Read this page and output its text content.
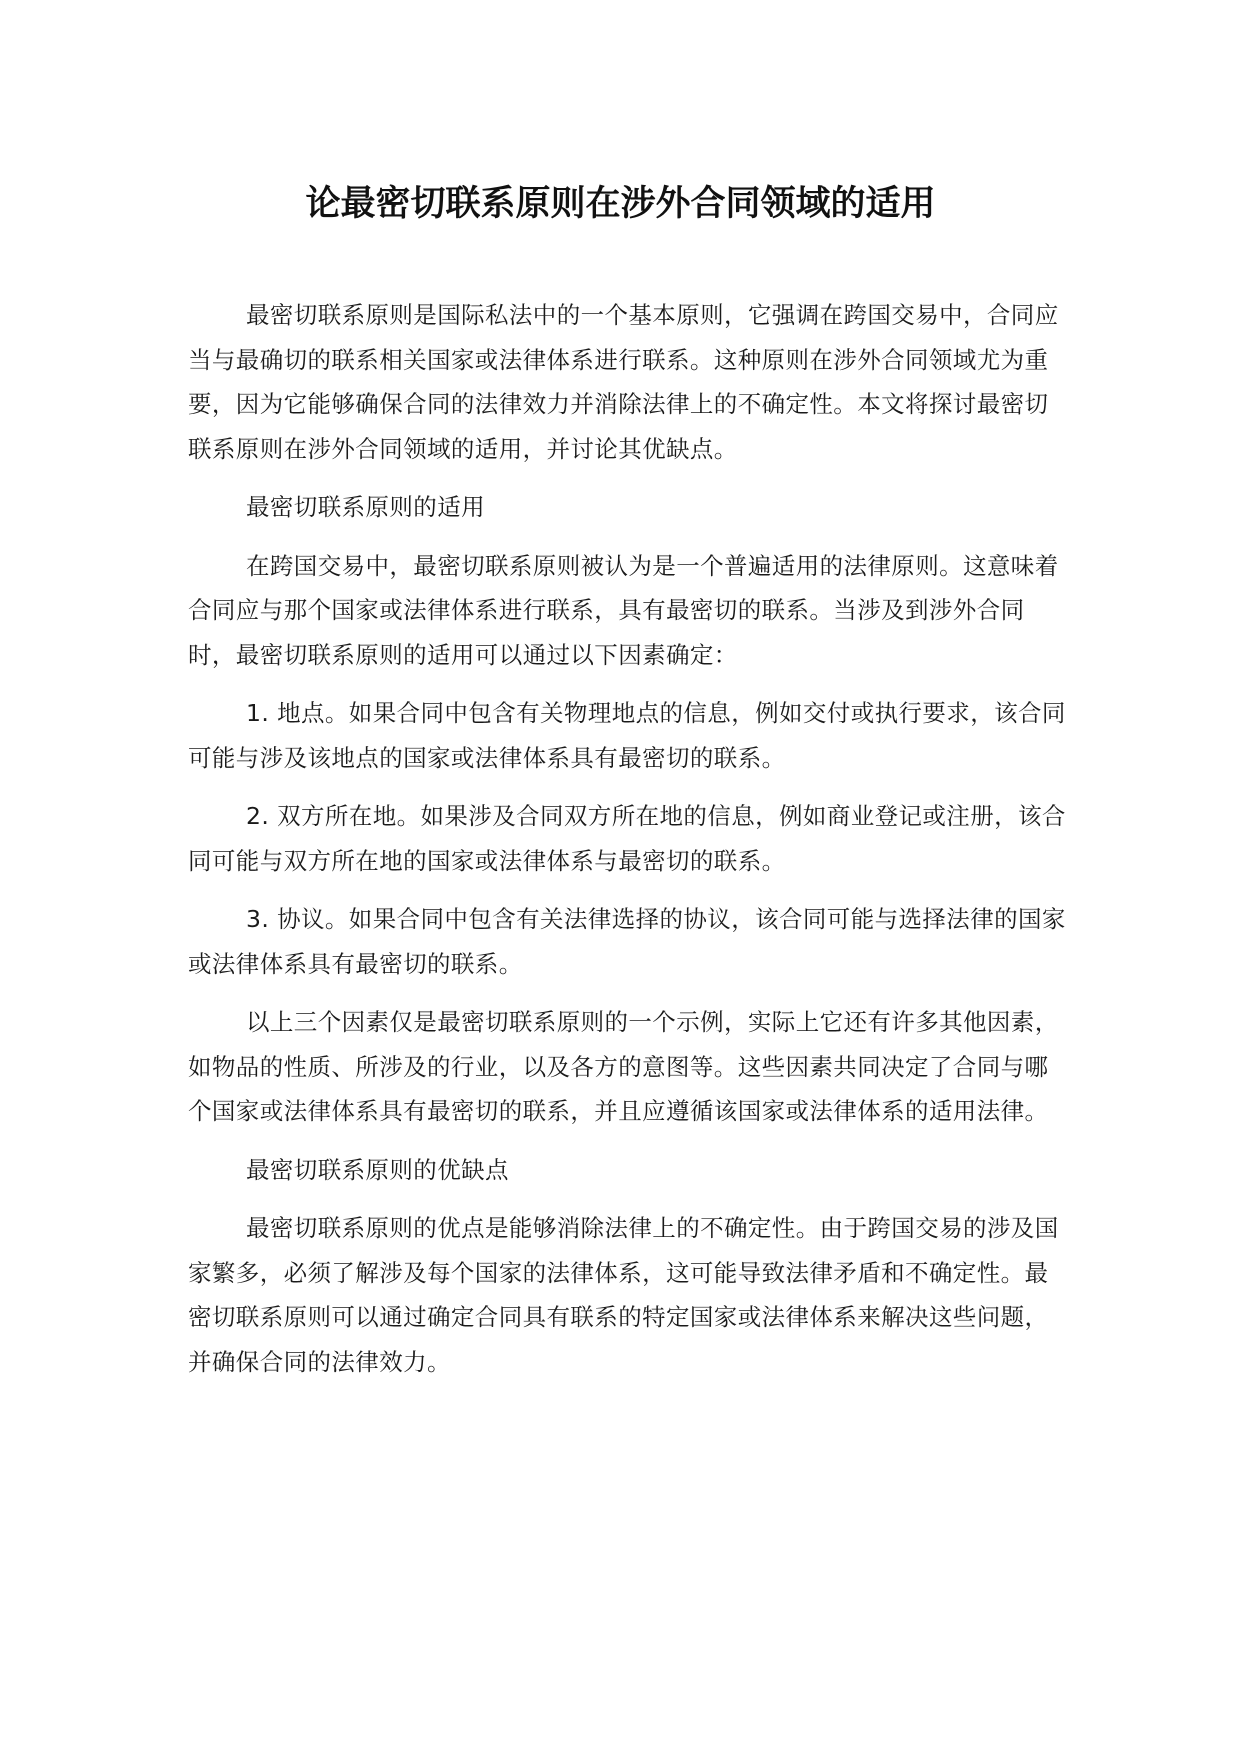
论最密切联系原则在涉外合同领域的适用

最密切联系原则是国际私法中的一个基本原则，它强调在跨国交易中，合同应当与最确切的联系相关国家或法律体系进行联系。这种原则在涉外合同领域尤为重要，因为它能够确保合同的法律效力并消除法律上的不确定性。本文将探讨最密切联系原则在涉外合同领域的适用，并讨论其优缺点。

最密切联系原则的适用

在跨国交易中，最密切联系原则被认为是一个普遍适用的法律原则。这意味着合同应与那个国家或法律体系进行联系，具有最密切的联系。当涉及到涉外合同时，最密切联系原则的适用可以通过以下因素确定：

1. 地点。如果合同中包含有关物理地点的信息，例如交付或执行要求，该合同可能与涉及该地点的国家或法律体系具有最密切的联系。

2. 双方所在地。如果涉及合同双方所在地的信息，例如商业登记或注册，该合同可能与双方所在地的国家或法律体系与最密切的联系。

3. 协议。如果合同中包含有关法律选择的协议，该合同可能与选择法律的国家或法律体系具有最密切的联系。

以上三个因素仅是最密切联系原则的一个示例，实际上它还有许多其他因素，如物品的性质、所涉及的行业，以及各方的意图等。这些因素共同决定了合同与哪个国家或法律体系具有最密切的联系，并且应遵循该国家或法律体系的适用法律。

最密切联系原则的优缺点

最密切联系原则的优点是能够消除法律上的不确定性。由于跨国交易的涉及国家繁多，必须了解涉及每个国家的法律体系，这可能导致法律矛盾和不确定性。最密切联系原则可以通过确定合同具有联系的特定国家或法律体系来解决这些问题，并确保合同的法律效力。
